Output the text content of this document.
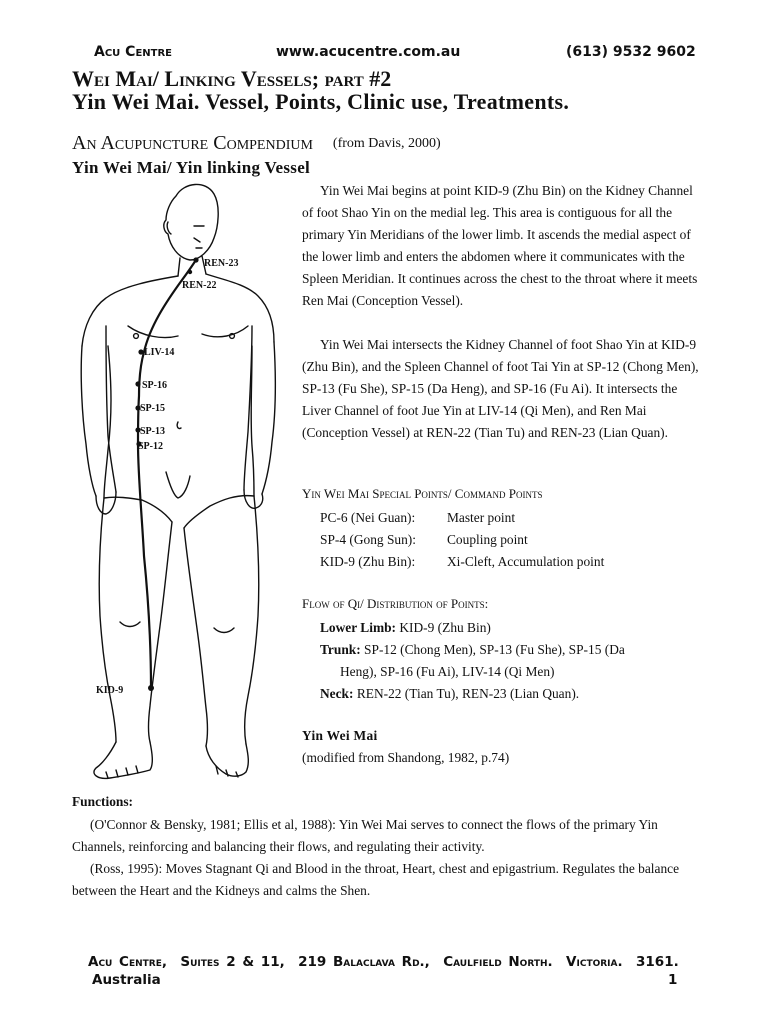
Acu Centre	www.acucentre.com.au	(613) 9532 9602
Wei Mai/ Linking Vessels; part #2
Yin Wei Mai. Vessel, Points, Clinic use, Treatments.
An Acupuncture Compendium (from Davis, 2000)
Yin Wei Mai/ Yin linking Vessel
REN-23
REN-22
LIV-14
SP-16
SP-15
SP-13
SP-12
KID-9

Yin Wei Mai begins at point KID-9 (Zhu Bin) on the Kidney Channel of foot Shao Yin on the medial leg. This area is contiguous for all the primary Yin Meridians of the lower limb. It ascends the medial aspect of the lower limb and enters the abdomen where it communicates with the Spleen Meridian. It continues across the chest to the throat where it meets Ren Mai (Conception Vessel).

Yin Wei Mai intersects the Kidney Channel of foot Shao Yin at KID-9 (Zhu Bin), and the Spleen Channel of foot Tai Yin at SP-12 (Chong Men), SP-13 (Fu She), SP-15 (Da Heng), and SP-16 (Fu Ai). It intersects the Liver Channel of foot Jue Yin at LIV-14 (Qi Men), and Ren Mai (Conception Vessel) at REN-22 (Tian Tu) and REN-23 (Lian Quan).

Yin Wei Mai Special Points/ Command Points
PC-6 (Nei Guan): Master point
SP-4 (Gong Sun): Coupling point
KID-9 (Zhu Bin): Xi-Cleft, Accumulation point
Flow of Qi/ Distribution of Points:
Lower Limb: KID-9 (Zhu Bin)
Trunk: SP-12 (Chong Men), SP-13 (Fu She), SP-15 (Da
Heng), SP-16 (Fu Ai), LIV-14 (Qi Men)
Neck: REN-22 (Tian Tu), REN-23 (Lian Quan).
Yin Wei Mai
(modified from Shandong, 1982, p.74)
Functions:

(O'Connor & Bensky, 1981; Ellis et al, 1988): Yin Wei Mai serves to connect the flows of the primary Yin Channels, reinforcing and balancing their flows, and regulating their activity.

(Ross, 1995): Moves Stagnant Qi and Blood in the throat, Heart, chest and epigastrium. Regulates the balance between the Heart and the Kidneys and calms the Shen.

Acu Centre,  Suites 2 & 11,  219 Balaclava Rd.,  Caulfield North.  Victoria.  3161.
Australia	1
